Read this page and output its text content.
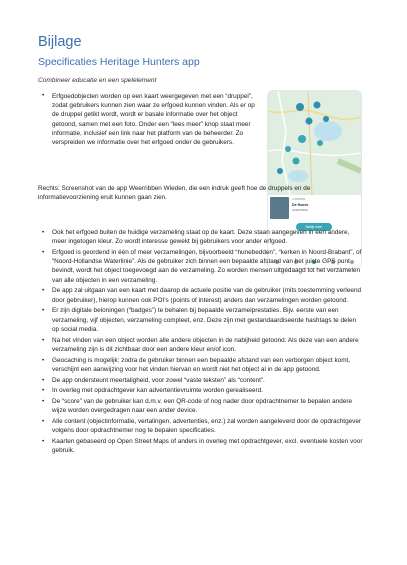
Bijlage
Specificaties Heritage Hunters app
Combineer educatie en een spelelement
• Erfgoedobjecten worden op een kaart weergegeven met een “druppel”, zodat gebruikers kunnen zien waar ze erfgoed kunnen vinden. Als er op de druppel getikt wordt, wordt er basale informatie over het object getoond, samen met een foto. Onder een “lees meer” knop staat meer informatie, inclusief een link naar het platform van de beheerder. Zo verspreiden we informatie over het erfgoed onder de gebruikers.
CHAPPERS
De Hoeve
WEERRIBBEN
Bekijk meer
Rechts: Screenshot van de app Weerribben Wieden, die een indruk geeft hoe de druppels en de informatievoorziening eruit kunnen gaan zien.
• Ook het erfgoed buiten de huidige verzameling staat op de kaart. Deze staan aangegeven in een andere, meer ingetogen kleur. Zo wordt interesse gewekt bij gebruikers voor ander erfgoed.
• Erfgoed is geordend in één of meer verzamelingen, bijvoorbeeld “hunebedden”, “kerken in Noord-Brabant”, of “Noord-Hollandse Waterlinie”. Als de gebruiker zich binnen een bepaalde afstand van het juiste GPS punt bevindt, wordt het object toegevoegd aan de verzameling. Zo worden mensen uitgedaagd tot het verzamelen van alle objecten in een verzameling.
• De app zal uitgaan van een kaart met daarop de actuele positie van de gebruiker (mits toestemming verleend door gebruiker), hierop kunnen ook POI’s (points of interest) anders dan verzamelingen worden getoond.
• Er zijn digitale beloningen (“badges”) te behalen bij bepaalde verzamelprestaties. Bijv. eerste van een verzameling, vijf objecten, verzameling compleet, enz. Deze zijn met gestandaardiseerde hashtags te delen op social media.
• Na het vinden van een object worden alle andere objecten in de nabijheid getoond. Als deze van een andere verzameling zijn is dit zichtbaar door een andere kleur en/of icon.
• Geocaching is mogelijk: zodra de gebruiker binnen een bepaalde afstand van een verborgen object komt, verschijnt een aanwijzing voor het vinden hiervan en wordt niet het object al in de app getoond.
• De app ondersteunt meertaligheid, voor zowel “vaste teksten” als “content”.
• In overleg met opdrachtgever kan advertentievruimte worden gerealiseerd.
• De “score” van de gebruiker kan d.m.v. een QR-code of nog nader door opdrachtnemer te bepalen andere wijze worden overgedragen naar een ander device.
• Alle content (objectinformatie, vertalingen, advertenties, enz.) zal worden aangeleverd door de opdrachtgever volgens door opdrachtnemer nog te bepalen specificaties.
• Kaarten gebaseerd op Open Street Maps of anders in overleg met opdrachtgever, excl. eventuele kosten voor gebruik.
